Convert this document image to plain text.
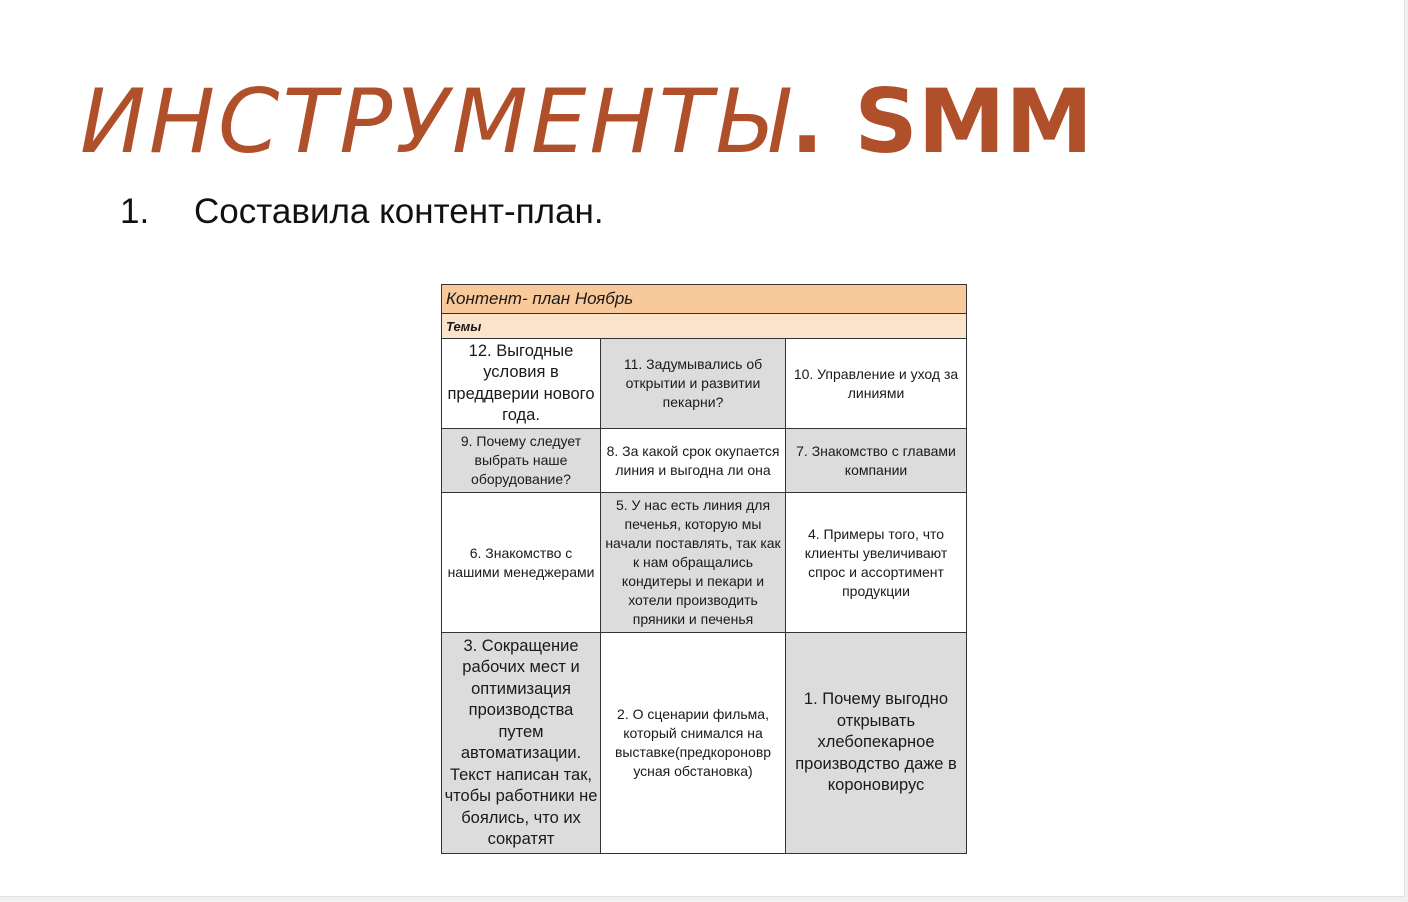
ИНСТРУМЕНТЫ. SMM
1. Составила контент-план.
Контент- план Ноябрь		
Темы		
12. Выгодные условия в преддверии нового года.	11. Задумывались об открытии и развитии пекарни?	10. Управление и уход за линиями
9. Почему следует выбрать наше оборудование?	8. За какой срок окупается линия и выгодна ли она	7. Знакомство с главами компании
6. Знакомство с нашими менеджерами	5. У нас есть линия для печенья, которую мы начали поставлять, так как к нам обращались кондитеры и пекари и хотели производить пряники и печенья	4. Примеры того, что клиенты увеличивают спрос и ассортимент продукции
3. Сокращение рабочих мест и оптимизация производства путем автоматизации. Текст написан так, чтобы работники не боялись, что их сократят	2. О сценарии фильма, который снимался на выставке(предкороновр усная обстановка)	1. Почему выгодно открывать хлебопекарное производство даже в короновирус
